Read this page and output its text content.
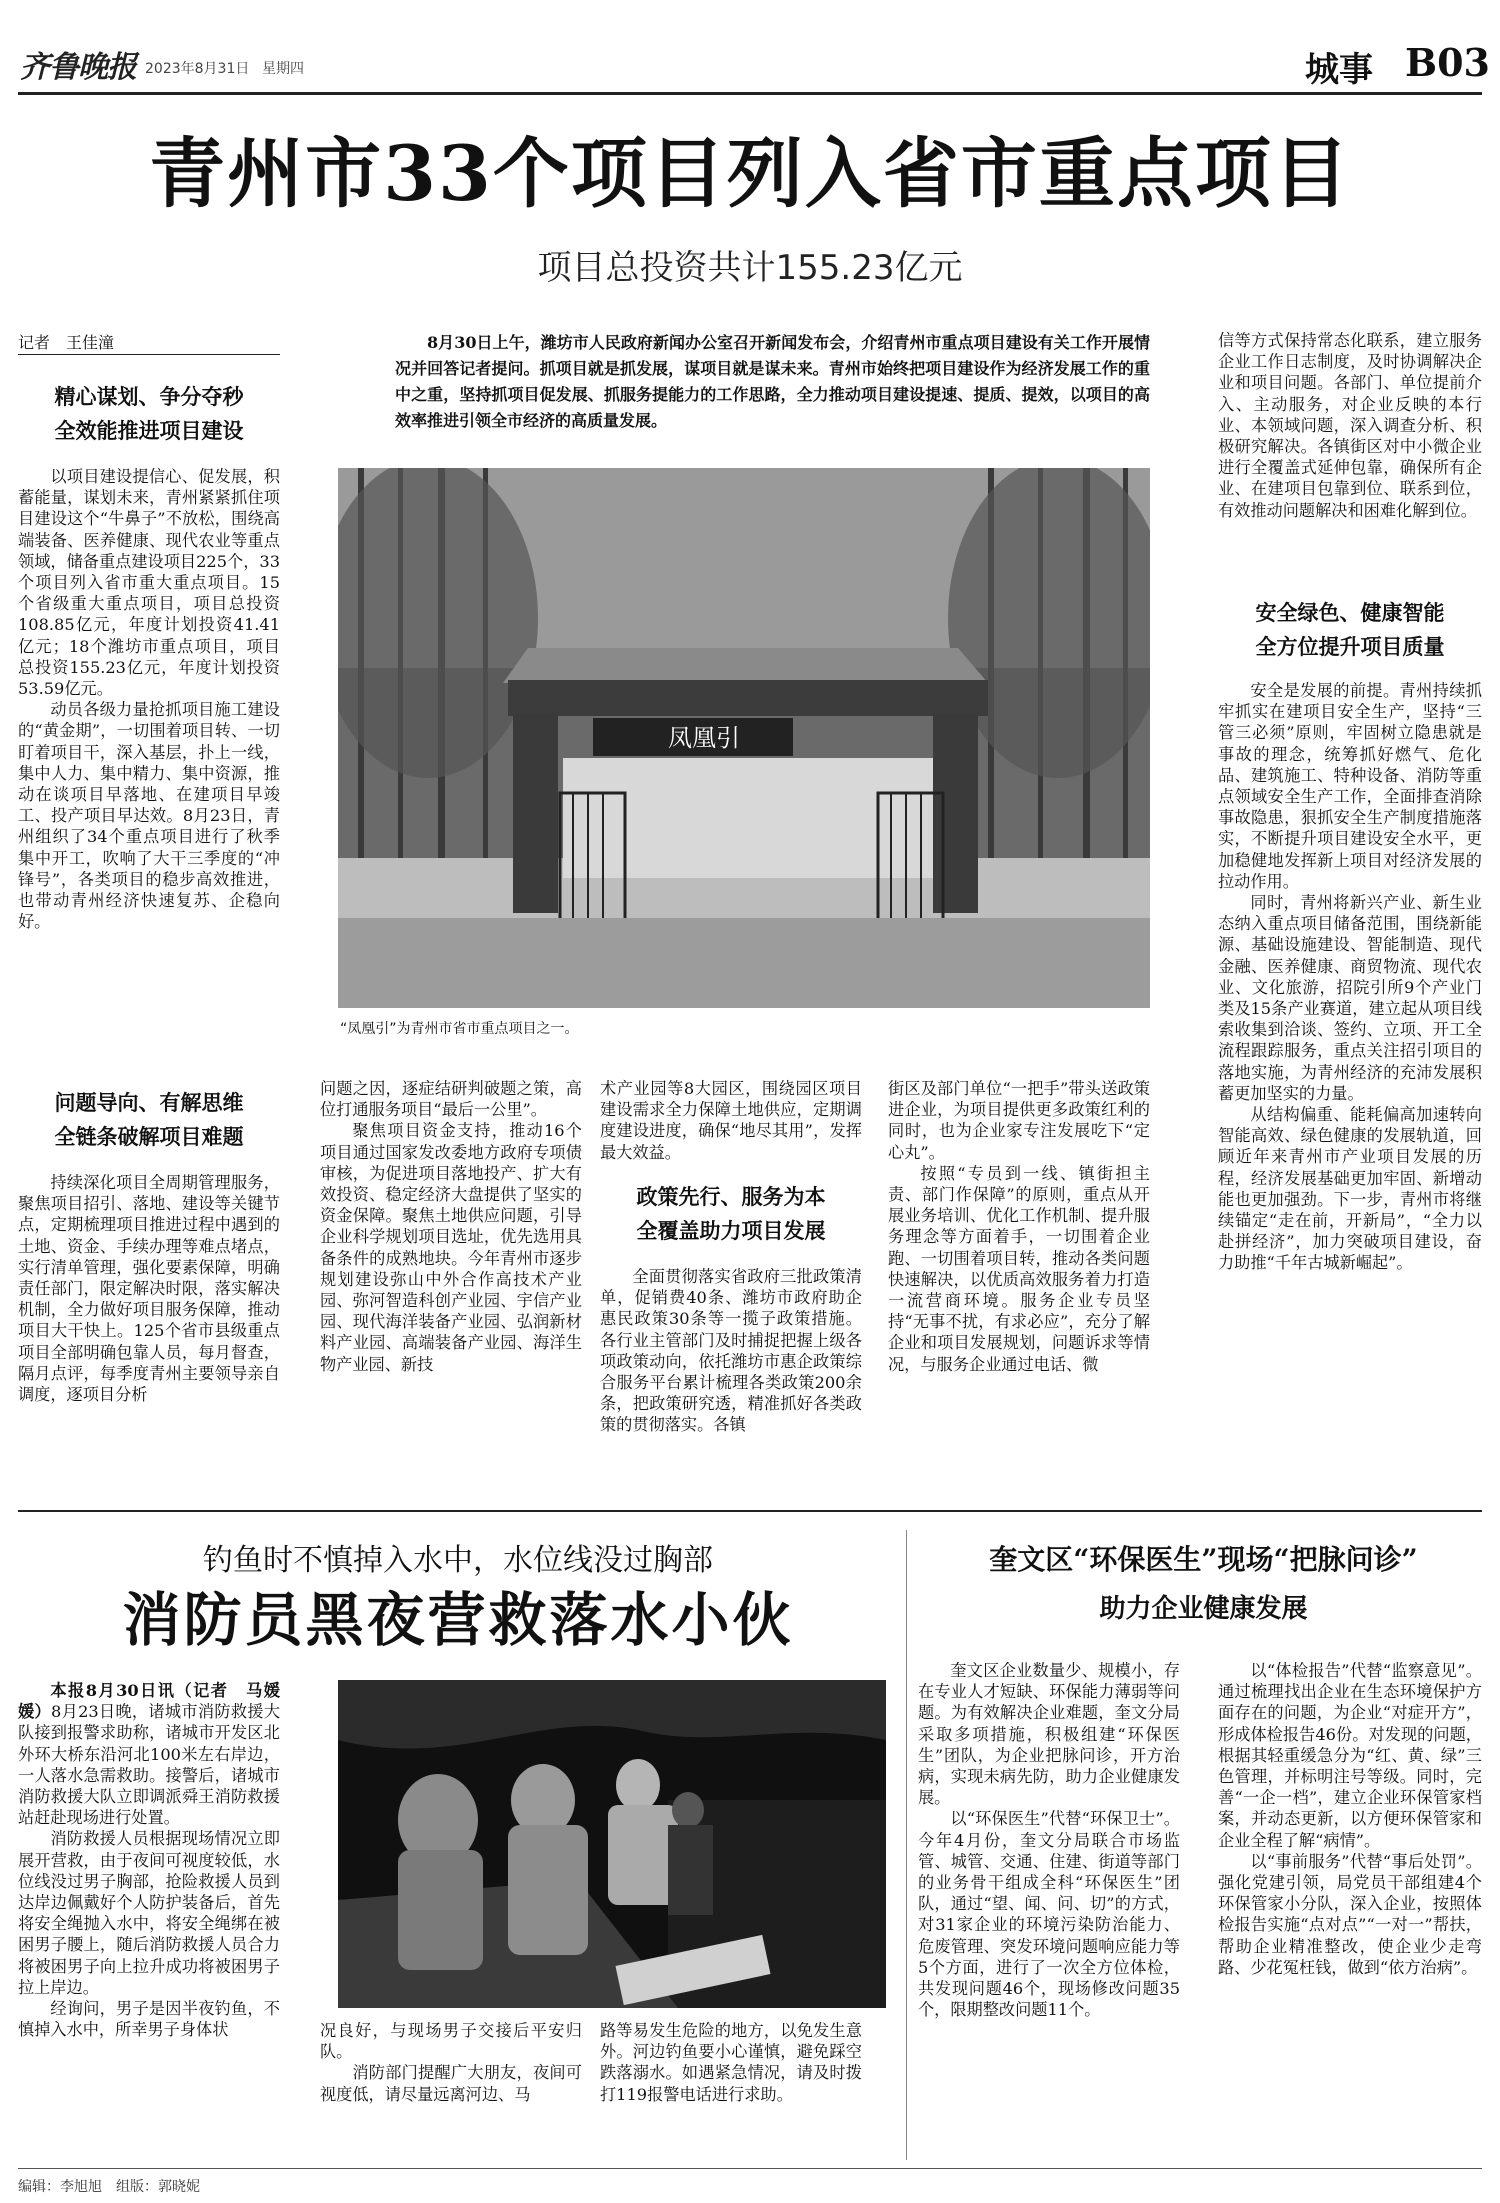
齐鲁晚报 2023年8月31日 星期四	城事 B03
青州市33个项目列入省市重点项目
项目总投资共计155.23亿元
记者　王佳潼	8月30日上午，潍坊市人民政府新闻办公室召开新闻发布会，介绍青州市重点项目建设有关工作开展情况并回答记者提问。抓项目就是抓发展，谋项目就是谋未来。青州市始终把项目建设作为经济发展工作的重中之重，坚持抓项目促发展、抓服务提能力的工作思路，全力推动项目建设提速、提质、提效，以项目的高效率推进引领全市经济的高质量发展。

凤凰引
“凤凰引”为青州市省市重点项目之一。
精心谋划、争分夺秒
全效能推进项目建设

以项目建设提信心、促发展，积蓄能量，谋划未来，青州紧紧抓住项目建设这个“牛鼻子”不放松，围绕高端装备、医养健康、现代农业等重点领域，储备重点建设项目225个，33个项目列入省市重大重点项目。15个省级重大重点项目，项目总投资108.85亿元，年度计划投资41.41亿元；18个潍坊市重点项目，项目总投资155.23亿元，年度计划投资53.59亿元。

动员各级力量抢抓项目施工建设的“黄金期”，一切围着项目转、一切盯着项目干，深入基层，扑上一线，集中人力、集中精力、集中资源，推动在谈项目早落地、在建项目早竣工、投产项目早达效。8月23日，青州组织了34个重点项目进行了秋季集中开工，吹响了大干三季度的“冲锋号”，各类项目的稳步高效推进，也带动青州经济快速复苏、企稳向好。

问题导向、有解思维
全链条破解项目难题

持续深化项目全周期管理服务，聚焦项目招引、落地、建设等关键节点，定期梳理项目推进过程中遇到的土地、资金、手续办理等难点堵点，实行清单管理，强化要素保障，明确责任部门，限定解决时限，落实解决机制，全力做好项目服务保障，推动项目大干快上。125个省市县级重点项目全部明确包靠人员，每月督查，隔月点评，每季度青州主要领导亲自调度，逐项目分析

问题之因，逐症结研判破题之策，高位打通服务项目“最后一公里”。

聚焦项目资金支持，推动16个项目通过国家发改委地方政府专项债审核，为促进项目落地投产、扩大有效投资、稳定经济大盘提供了坚实的资金保障。聚焦土地供应问题，引导企业科学规划项目选址，优先选用具备条件的成熟地块。今年青州市逐步规划建设弥山中外合作高技术产业园、弥河智造科创产业园、宇信产业园、现代海洋装备产业园、弘润新材料产业园、高端装备产业园、海洋生物产业园、新技

术产业园等8大园区，围绕园区项目建设需求全力保障土地供应，定期调度建设进度，确保“地尽其用”，发挥最大效益。

政策先行、服务为本
全覆盖助力项目发展

全面贯彻落实省政府三批政策清单，促销费40条、潍坊市政府助企惠民政策30条等一揽子政策措施。各行业主管部门及时捕捉把握上级各项政策动向，依托潍坊市惠企政策综合服务平台累计梳理各类政策200余条，把政策研究透，精准抓好各类政策的贯彻落实。各镇

街区及部门单位“一把手”带头送政策进企业，为项目提供更多政策红利的同时，也为企业家专注发展吃下“定心丸”。

按照“专员到一线、镇街担主责、部门作保障”的原则，重点从开展业务培训、优化工作机制、提升服务理念等方面着手，一切围着企业跑、一切围着项目转，推动各类问题快速解决，以优质高效服务着力打造一流营商环境。服务企业专员坚持“无事不扰，有求必应”，充分了解企业和项目发展规划，问题诉求等情况，与服务企业通过电话、微

信等方式保持常态化联系，建立服务企业工作日志制度，及时协调解决企业和项目问题。各部门、单位提前介入、主动服务，对企业反映的本行业、本领域问题，深入调查分析、积极研究解决。各镇街区对中小微企业进行全覆盖式延伸包靠，确保所有企业、在建项目包靠到位、联系到位，有效推动问题解决和困难化解到位。

安全绿色、健康智能
全方位提升项目质量

安全是发展的前提。青州持续抓牢抓实在建项目安全生产，坚持“三管三必须”原则，牢固树立隐患就是事故的理念，统筹抓好燃气、危化品、建筑施工、特种设备、消防等重点领域安全生产工作，全面排查消除事故隐患，狠抓安全生产制度措施落实，不断提升项目建设安全水平，更加稳健地发挥新上项目对经济发展的拉动作用。

同时，青州将新兴产业、新生业态纳入重点项目储备范围，围绕新能源、基础设施建设、智能制造、现代金融、医养健康、商贸物流、现代农业、文化旅游，招院引所9个产业门类及15条产业赛道，建立起从项目线索收集到洽谈、签约、立项、开工全流程跟踪服务，重点关注招引项目的落地实施，为青州经济的充沛发展积蓄更加坚实的力量。

从结构偏重、能耗偏高加速转向智能高效、绿色健康的发展轨道，回顾近年来青州市产业项目发展的历程，经济发展基础更加牢固、新增动能也更加强劲。下一步，青州市将继续锚定“走在前，开新局”，“全力以赴拼经济”，加力突破项目建设，奋力助推“千年古城新崛起”。

钓鱼时不慎掉入水中，水位线没过胸部
消防员黑夜营救落水小伙

本报8月30日讯（记者　马媛媛）8月23日晚，诸城市消防救援大队接到报警求助称，诸城市开发区北外环大桥东沿河北100米左右岸边，一人落水急需救助。接警后，诸城市消防救援大队立即调派舜王消防救援站赶赴现场进行处置。

消防救援人员根据现场情况立即展开营救，由于夜间可视度较低，水位线没过男子胸部，抢险救援人员到达岸边佩戴好个人防护装备后，首先将安全绳抛入水中，将安全绳绑在被困男子腰上，随后消防救援人员合力将被困男子向上拉升成功将被困男子拉上岸边。

经询问，男子是因半夜钓鱼，不慎掉入水中，所幸男子身体状	况良好，与现场男子交接后平安归队。

消防部门提醒广大朋友，夜间可视度低，请尽量远离河边、马

路等易发生危险的地方，以免发生意外。河边钓鱼要小心谨慎，避免踩空跌落溺水。如遇紧急情况，请及时拨打119报警电话进行求助。

奎文区“环保医生”现场“把脉问诊”
助力企业健康发展

奎文区企业数量少、规模小，存在专业人才短缺、环保能力薄弱等问题。为有效解决企业难题，奎文分局采取多项措施，积极组建“环保医生”团队，为企业把脉问诊，开方治病，实现未病先防，助力企业健康发展。

以“环保医生”代替“环保卫士”。今年4月份，奎文分局联合市场监管、城管、交通、住建、街道等部门的业务骨干组成全科“环保医生”团队，通过“望、闻、问、切”的方式，对31家企业的环境污染防治能力、危废管理、突发环境问题响应能力等5个方面，进行了一次全方位体检，共发现问题46个，现场修改问题35个，限期整改问题11个。

以“体检报告”代替“监察意见”。通过梳理找出企业在生态环境保护方面存在的问题，为企业“对症开方”，形成体检报告46份。对发现的问题，根据其轻重缓急分为“红、黄、绿”三色管理，并标明注号等级。同时，完善“一企一档”，建立企业环保管家档案，并动态更新，以方便环保管家和企业全程了解“病情”。

以“事前服务”代替“事后处罚”。强化党建引领，局党员干部组建4个环保管家小分队，深入企业，按照体检报告实施“点对点”“一对一”帮扶，帮助企业精准整改，使企业少走弯路、少花冤枉钱，做到“依方治病”。

编辑：李旭旭　组版：郭晓妮
